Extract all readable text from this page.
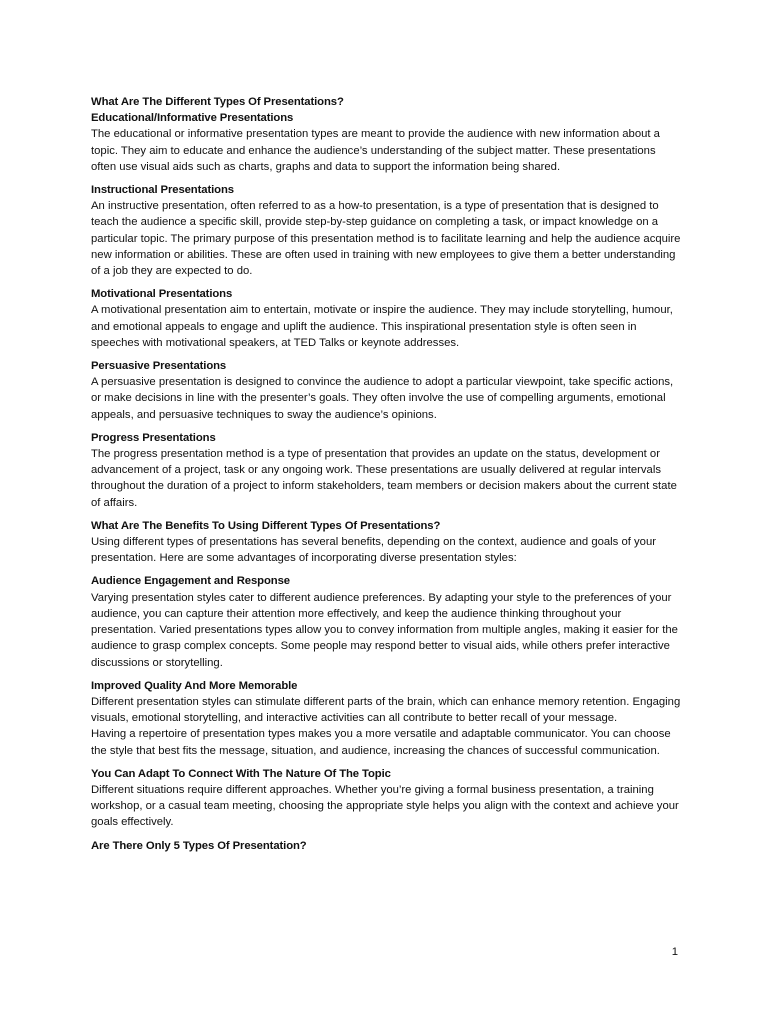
What Are The Different Types Of Presentations?
Educational/Informative Presentations

The educational or informative presentation types are meant to provide the audience with new information about a topic. They aim to educate and enhance the audience’s understanding of the subject matter. These presentations often use visual aids such as charts, graphs and data to support the information being shared.

Instructional Presentations

An instructive presentation, often referred to as a how-to presentation, is a type of presentation that is designed to teach the audience a specific skill, provide step-by-step guidance on completing a task, or impact knowledge on a particular topic. The primary purpose of this presentation method is to facilitate learning and help the audience acquire new information or abilities. These are often used in training with new employees to give them a better understanding of a job they are expected to do.

Motivational Presentations

A motivational presentation aim to entertain, motivate or inspire the audience. They may include storytelling, humour, and emotional appeals to engage and uplift the audience. This inspirational presentation style is often seen in speeches with motivational speakers, at TED Talks or keynote addresses.

Persuasive Presentations

A persuasive presentation is designed to convince the audience to adopt a particular viewpoint, take specific actions, or make decisions in line with the presenter’s goals. They often involve the use of compelling arguments, emotional appeals, and persuasive techniques to sway the audience’s opinions.

Progress Presentations

The progress presentation method is a type of presentation that provides an update on the status, development or advancement of a project, task or any ongoing work. These presentations are usually delivered at regular intervals throughout the duration of a project to inform stakeholders, team members or decision makers about the current state of affairs.

What Are The Benefits To Using Different Types Of Presentations?

Using different types of presentations has several benefits, depending on the context, audience and goals of your presentation. Here are some advantages of incorporating diverse presentation styles:

Audience Engagement and Response

Varying presentation styles cater to different audience preferences. By adapting your style to the preferences of your audience, you can capture their attention more effectively, and keep the audience thinking throughout your presentation. Varied presentations types allow you to convey information from multiple angles, making it easier for the audience to grasp complex concepts. Some people may respond better to visual aids, while others prefer interactive discussions or storytelling.

Improved Quality And More Memorable

Different presentation styles can stimulate different parts of the brain, which can enhance memory retention. Engaging visuals, emotional storytelling, and interactive activities can all contribute to better recall of your message.

Having a repertoire of presentation types makes you a more versatile and adaptable communicator. You can choose the style that best fits the message, situation, and audience, increasing the chances of successful communication.

You Can Adapt To Connect With The Nature Of The Topic

Different situations require different approaches. Whether you’re giving a formal business presentation, a training workshop, or a casual team meeting, choosing the appropriate style helps you align with the context and achieve your goals effectively.

Are There Only 5 Types Of Presentation?
1
